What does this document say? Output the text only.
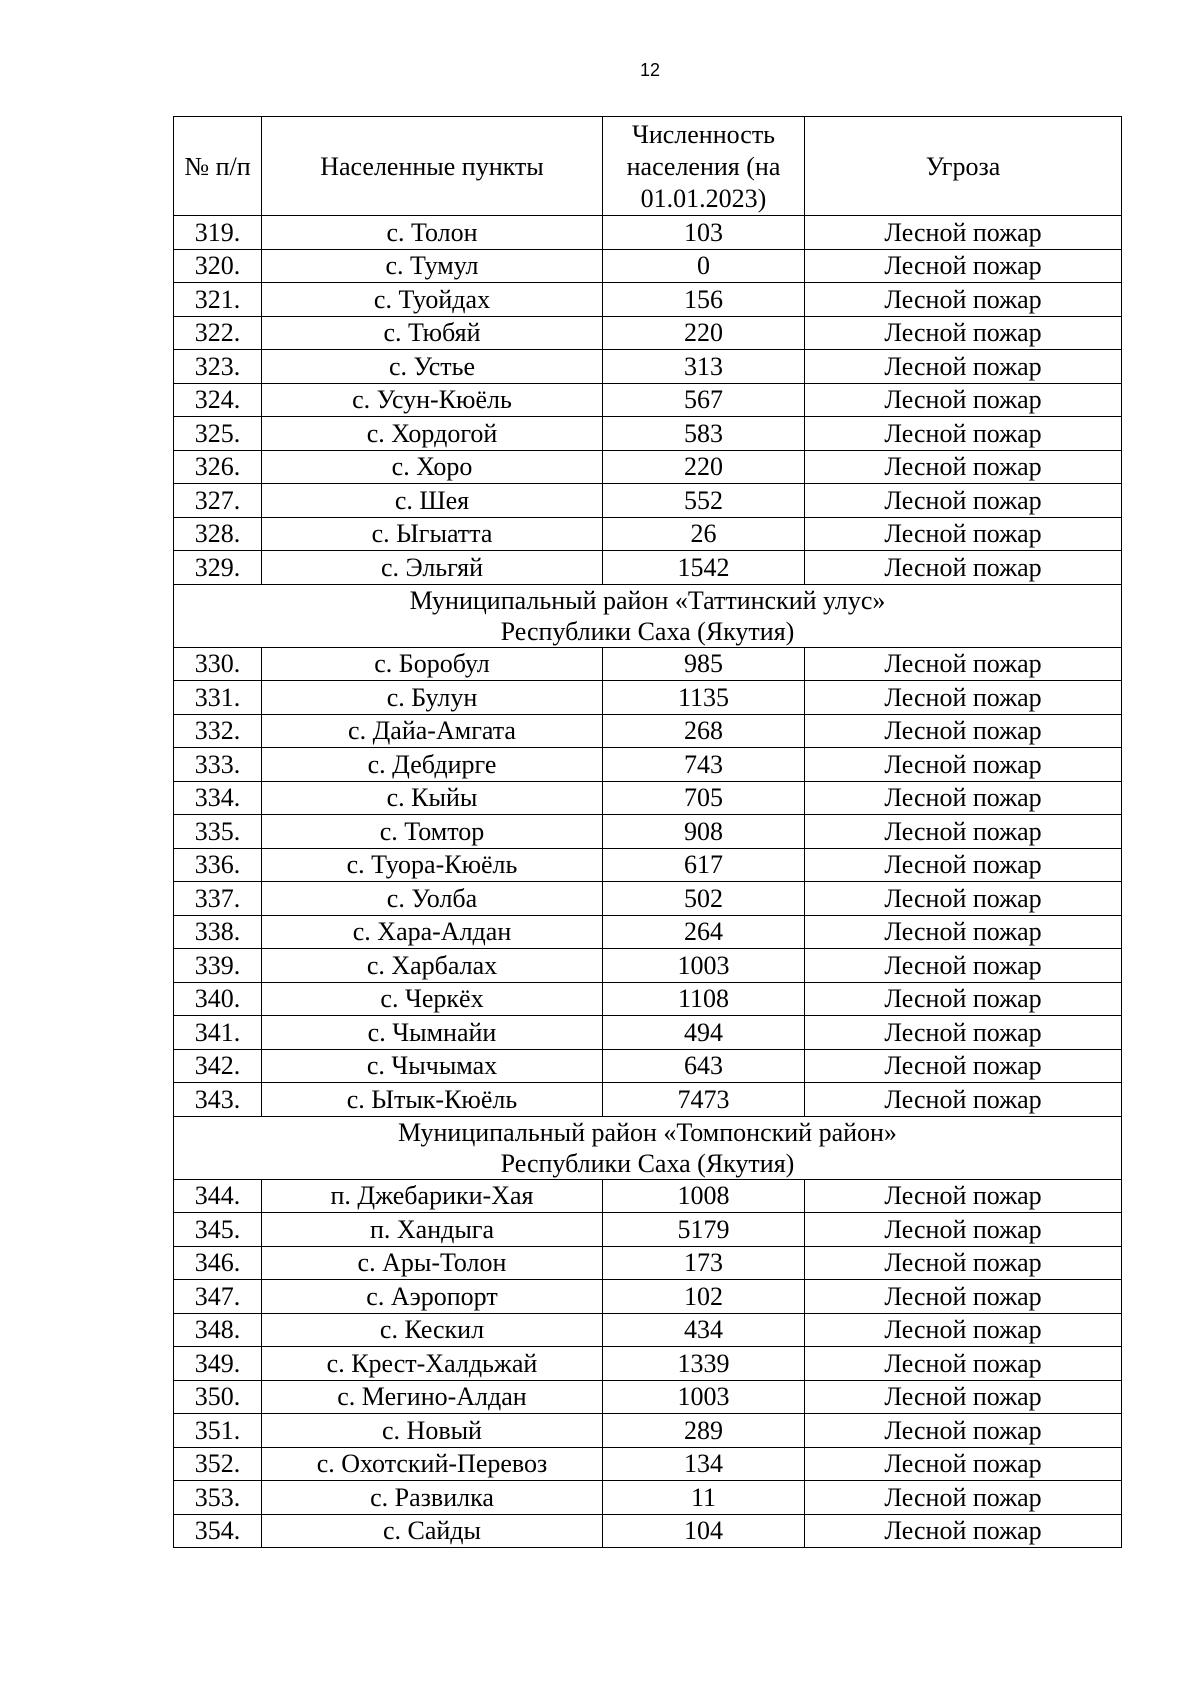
12
№ п/п	Населенные пункты	Численность населения (на 01.01.2023)	Угроза
319.	с. Толон	103	Лесной пожар
320.	с. Тумул	0	Лесной пожар
321.	с. Туойдах	156	Лесной пожар
322.	с. Тюбяй	220	Лесной пожар
323.	с. Устье	313	Лесной пожар
324.	с. Усун-Кюёль	567	Лесной пожар
325.	с. Хордогой	583	Лесной пожар
326.	с. Хоро	220	Лесной пожар
327.	с. Шея	552	Лесной пожар
328.	с. Ыгыатта	26	Лесной пожар
329.	с. Эльгяй	1542	Лесной пожар

Муниципальный район «Таттинский улус»
Республики Саха (Якутия)			

330.	с. Боробул	985	Лесной пожар
331.	с. Булун	1135	Лесной пожар
332.	с. Дайа-Амгата	268	Лесной пожар
333.	с. Дебдирге	743	Лесной пожар
334.	с. Кыйы	705	Лесной пожар
335.	с. Томтор	908	Лесной пожар
336.	с. Туора-Кюёль	617	Лесной пожар
337.	с. Уолба	502	Лесной пожар
338.	с. Хара-Алдан	264	Лесной пожар
339.	с. Харбалах	1003	Лесной пожар
340.	с. Черкёх	1108	Лесной пожар
341.	с. Чымнайи	494	Лесной пожар
342.	с. Чычымах	643	Лесной пожар
343.	с. Ытык-Кюёль	7473	Лесной пожар

Муниципальный район «Томпонский район»
Республики Саха (Якутия)			

344.	п. Джебарики-Хая	1008	Лесной пожар
345.	п. Хандыга	5179	Лесной пожар
346.	с. Ары-Толон	173	Лесной пожар
347.	с. Аэропорт	102	Лесной пожар
348.	с. Кескил	434	Лесной пожар
349.	с. Крест-Халдьжай	1339	Лесной пожар
350.	с. Мегино-Алдан	1003	Лесной пожар
351.	с. Новый	289	Лесной пожар
352.	с. Охотский-Перевоз	134	Лесной пожар
353.	с. Развилка	11	Лесной пожар
354.	с. Сайды	104	Лесной пожар
